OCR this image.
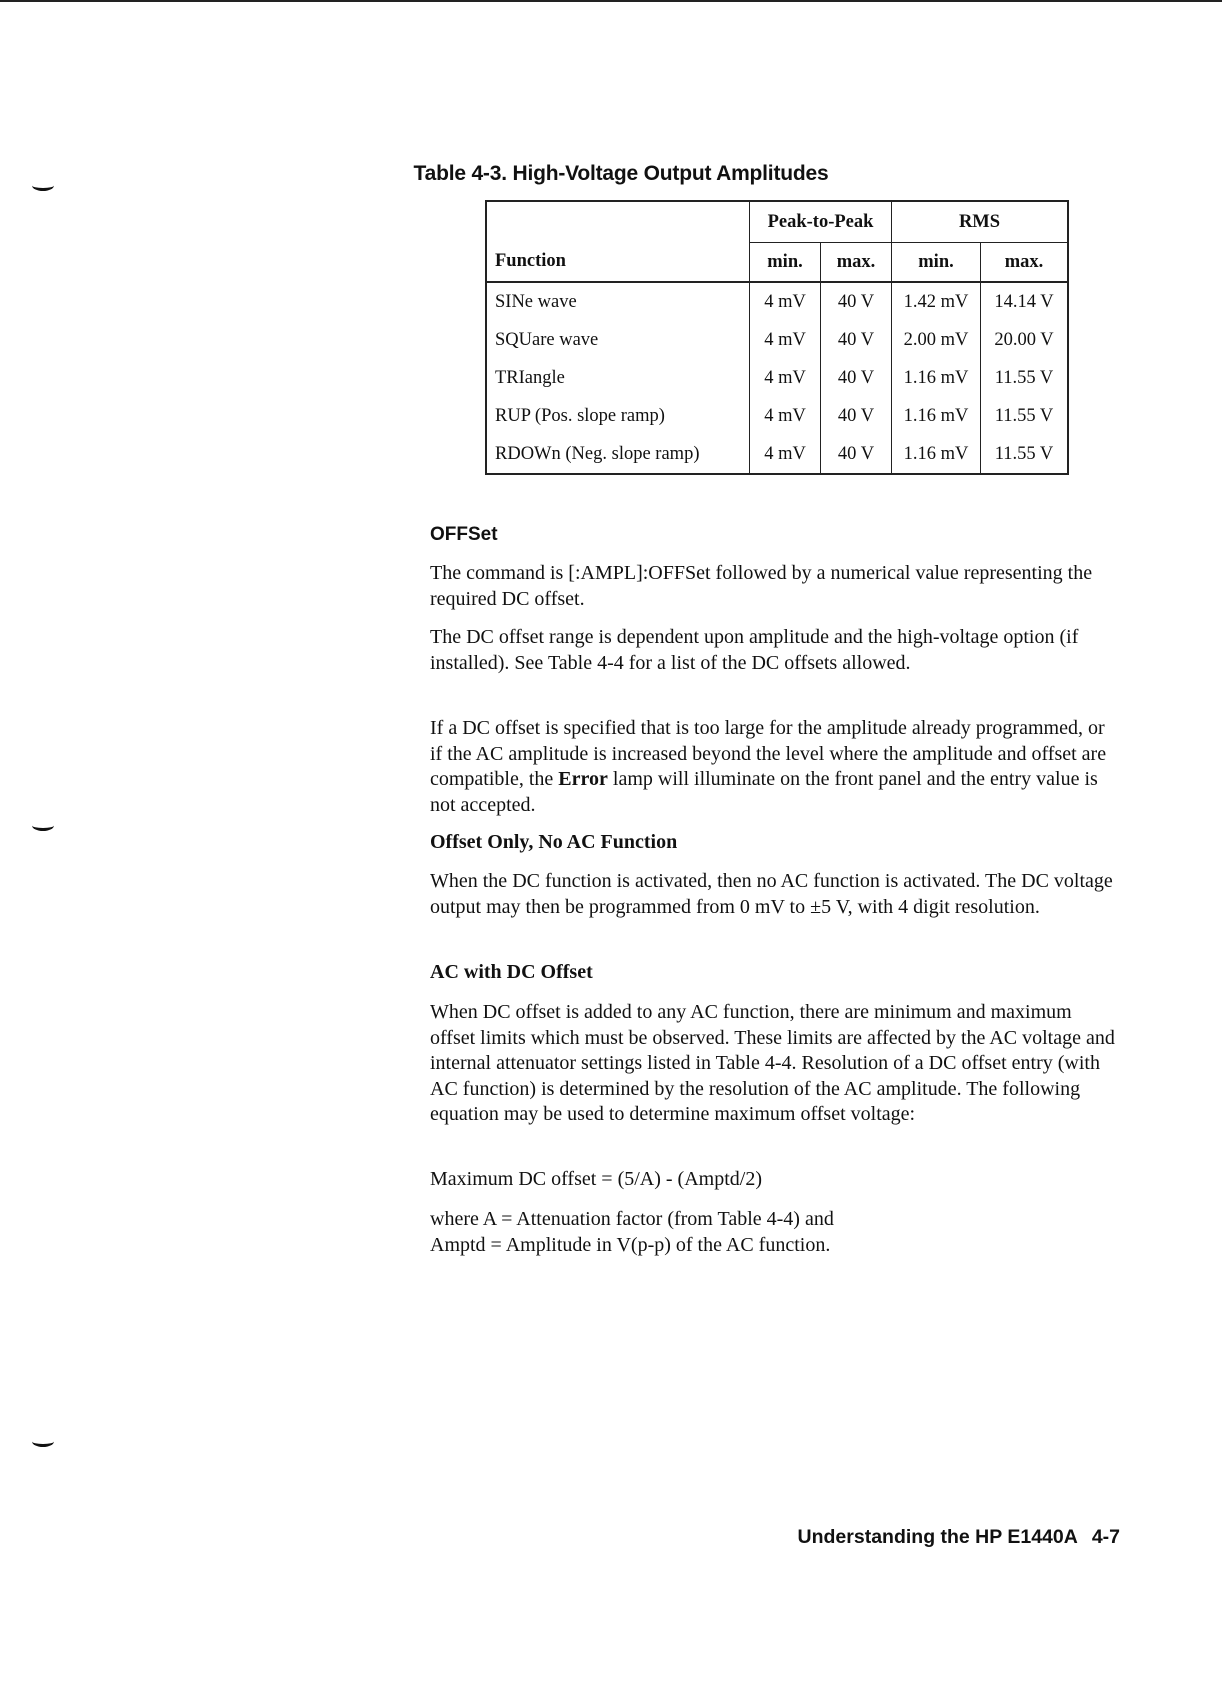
Table 4-3. High-Voltage Output Amplitudes
	Peak-to-Peak		RMS	
Function	min.	max.	min.	max.
SINe wave	4 mV	40 V	1.42 mV	14.14 V
SQUare wave	4 mV	40 V	2.00 mV	20.00 V
TRIangle	4 mV	40 V	1.16 mV	11.55 V
RUP (Pos. slope ramp)	4 mV	40 V	1.16 mV	11.55 V
RDOWn (Neg. slope ramp)	4 mV	40 V	1.16 mV	11.55 V
OFFSet

The command is [:AMPL]:OFFSet followed by a numerical value representing the required DC offset.

The DC offset range is dependent upon amplitude and the high-voltage option (if installed). See Table 4-4 for a list of the DC offsets allowed.

If a DC offset is specified that is too large for the amplitude already programmed, or if the AC amplitude is increased beyond the level where the amplitude and offset are compatible, the Error lamp will illuminate on the front panel and the entry value is not accepted.

Offset Only, No AC Function

When the DC function is activated, then no AC function is activated. The DC voltage output may then be programmed from 0 mV to ±5 V, with 4 digit resolution.

AC with DC Offset

When DC offset is added to any AC function, there are minimum and maximum offset limits which must be observed. These limits are affected by the AC voltage and internal attenuator settings listed in Table 4-4. Resolution of a DC offset entry (with AC function) is determined by the resolution of the AC amplitude. The following equation may be used to determine maximum offset voltage:

Maximum DC offset = (5/A) - (Amptd/2)

where A = Attenuation factor (from Table 4-4) and

Amptd = Amplitude in V(p-p) of the AC function.

Understanding the HP E1440A 4-7
